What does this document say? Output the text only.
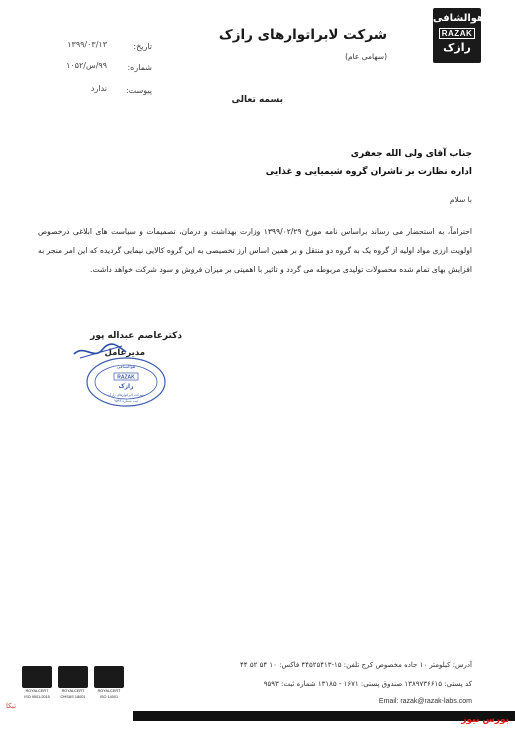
هوالشافی
RAZAK
رازک
شرکت لابراتوارهای رازک
(سهامی عام)
تاریخ:
۱۳۹۹/۰۳/۱۳
شماره:
۹۹/س/۱۰۵۲
پیوست:
ندارد
بسمه تعالی
جناب آقای ولی الله جعفری
اداره نظارت بر ناشران گروه شیمیایی و غذایی
با سلام

احتراماً، به استحضار می رساند براساس نامه مورخ ۱۳۹۹/۰۲/۲۹ وزارت بهداشت و درمان، تصمیمات و سیاست های ابلاغی درخصوص اولویت ارزی مواد اولیه از گروه یک به گروه دو منتقل و بر همین اساس ارز تخصیصی به این گروه کالایی نیمایی گردیده که این امر منجر به افزایش بهای تمام شده محصولات تولیدی مربوطه می گردد و تاثیر با اهمیتی بر میزان فروش و سود شرکت خواهد داشت.

دکترعاصم عبداله پور
مدیرعامل
هوالشافی
RAZAK
رازک
شرکت لابراتوارهای رازک
ثبت شماره ۹۵۹۳
ROYALCERT
ISO 9001:2015
ROYALCERT
OHSAS 18001
ROYALCERT
ISO 14001
آدرس: کیلومتر ۱۰ جاده مخصوص کرج تلفن: ۱۵-۴۴۵۲۵۴۱۳ فاکس: ۱۰ ۵۴ ۵۲ ۴۴
کد پستی: ۱۳۸۹۷۳۶۶۱۵ صندوق پستی: ۱۶۷۱ - ۱۳۱۸۵ شماره ثبت: ۹۵۹۳
Email: razak@razak-labs.com
بورس نیوز
تیکا
